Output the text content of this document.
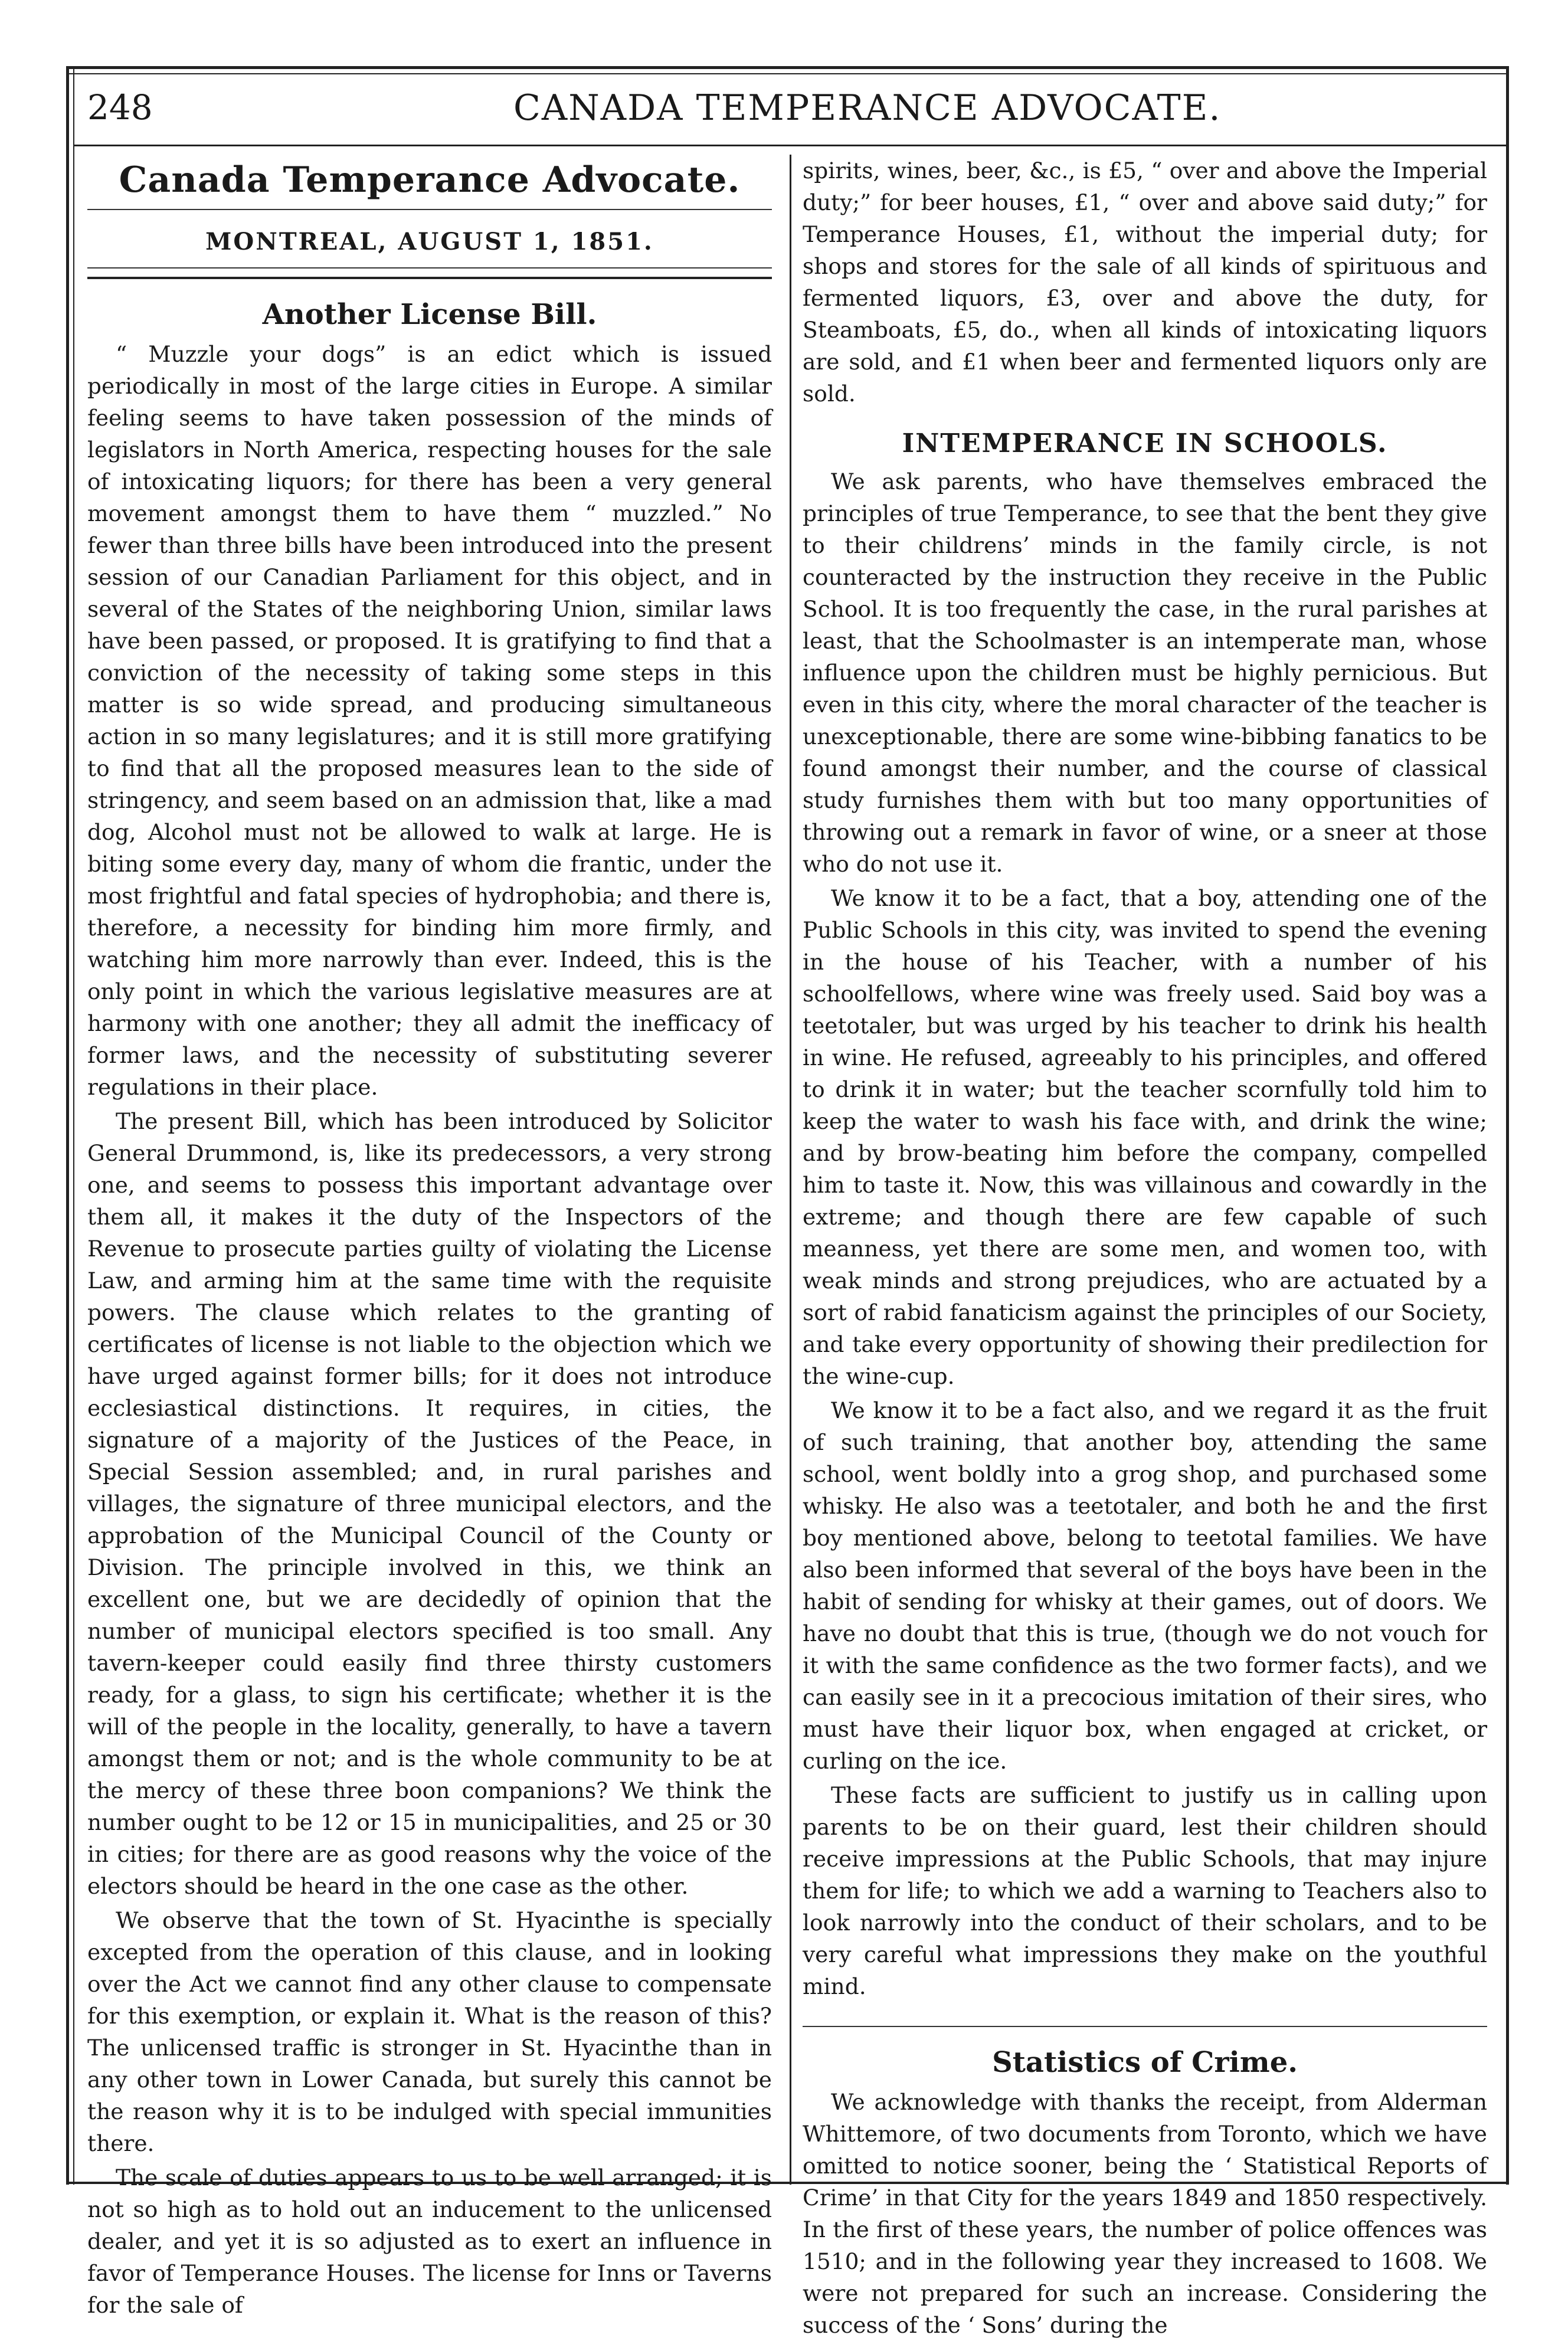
248	CANADA TEMPERANCE ADVOCATE.
Canada Temperance Advocate.
MONTREAL, AUGUST 1, 1851.
Another License Bill.

“ Muzzle your dogs” is an edict which is issued periodically in most of the large cities in Europe. A similar feeling seems to have taken possession of the minds of legislators in North America, respecting houses for the sale of intoxicating liquors; for there has been a very general movement amongst them to have them “ muzzled.” No fewer than three bills have been introduced into the present session of our Canadian Parliament for this object, and in several of the States of the neighboring Union, similar laws have been passed, or proposed. It is gratifying to find that a conviction of the necessity of taking some steps in this matter is so wide spread, and producing simultaneous action in so many legislatures; and it is still more gratifying to find that all the proposed measures lean to the side of stringency, and seem based on an admission that, like a mad dog, Alcohol must not be allowed to walk at large. He is biting some every day, many of whom die frantic, under the most frightful and fatal species of hydrophobia; and there is, therefore, a necessity for binding him more firmly, and watching him more narrowly than ever. Indeed, this is the only point in which the various legislative measures are at harmony with one another; they all admit the inefficacy of former laws, and the necessity of substituting severer regulations in their place.

The present Bill, which has been introduced by Solicitor General Drummond, is, like its predecessors, a very strong one, and seems to possess this important advantage over them all, it makes it the duty of the Inspectors of the Revenue to prosecute parties guilty of violating the License Law, and arming him at the same time with the requisite powers. The clause which relates to the granting of certificates of license is not liable to the objection which we have urged against former bills; for it does not introduce ecclesiastical distinctions. It requires, in cities, the signature of a majority of the Justices of the Peace, in Special Session assembled; and, in rural parishes and villages, the signature of three municipal electors, and the approbation of the Municipal Council of the County or Division. The principle involved in this, we think an excellent one, but we are decidedly of opinion that the number of municipal electors specified is too small. Any tavern-keeper could easily find three thirsty customers ready, for a glass, to sign his certificate; whether it is the will of the people in the locality, generally, to have a tavern amongst them or not; and is the whole community to be at the mercy of these three boon companions? We think the number ought to be 12 or 15 in municipalities, and 25 or 30 in cities; for there are as good reasons why the voice of the electors should be heard in the one case as the other.

We observe that the town of St. Hyacinthe is specially excepted from the operation of this clause, and in looking over the Act we cannot find any other clause to compensate for this exemption, or explain it. What is the reason of this? The unlicensed traffic is stronger in St. Hyacinthe than in any other town in Lower Canada, but surely this cannot be the reason why it is to be indulged with special immunities there.

The scale of duties appears to us to be well arranged; it is not so high as to hold out an inducement to the unlicensed dealer, and yet it is so adjusted as to exert an influence in favor of Temperance Houses. The license for Inns or Taverns for the sale of

spirits, wines, beer, &c., is £5, “ over and above the Imperial duty;” for beer houses, £1, “ over and above said duty;” for Temperance Houses, £1, without the imperial duty; for shops and stores for the sale of all kinds of spirituous and fermented liquors, £3, over and above the duty, for Steamboats, £5, do., when all kinds of intoxicating liquors are sold, and £1 when beer and fermented liquors only are sold.

INTEMPERANCE IN SCHOOLS.

We ask parents, who have themselves embraced the principles of true Temperance, to see that the bent they give to their childrens’ minds in the family circle, is not counteracted by the instruction they receive in the Public School. It is too frequently the case, in the rural parishes at least, that the Schoolmaster is an intemperate man, whose influence upon the children must be highly pernicious. But even in this city, where the moral character of the teacher is unexceptionable, there are some wine-bibbing fanatics to be found amongst their number, and the course of classical study furnishes them with but too many opportunities of throwing out a remark in favor of wine, or a sneer at those who do not use it.

We know it to be a fact, that a boy, attending one of the Public Schools in this city, was invited to spend the evening in the house of his Teacher, with a number of his schoolfellows, where wine was freely used. Said boy was a teetotaler, but was urged by his teacher to drink his health in wine. He refused, agreeably to his principles, and offered to drink it in water; but the teacher scornfully told him to keep the water to wash his face with, and drink the wine; and by brow-beating him before the company, compelled him to taste it. Now, this was villainous and cowardly in the extreme; and though there are few capable of such meanness, yet there are some men, and women too, with weak minds and strong prejudices, who are actuated by a sort of rabid fanaticism against the principles of our Society, and take every opportunity of showing their predilection for the wine-cup.

We know it to be a fact also, and we regard it as the fruit of such training, that another boy, attending the same school, went boldly into a grog shop, and purchased some whisky. He also was a teetotaler, and both he and the first boy mentioned above, belong to teetotal families. We have also been informed that several of the boys have been in the habit of sending for whisky at their games, out of doors. We have no doubt that this is true, (though we do not vouch for it with the same confidence as the two former facts), and we can easily see in it a precocious imitation of their sires, who must have their liquor box, when engaged at cricket, or curling on the ice.

These facts are sufficient to justify us in calling upon parents to be on their guard, lest their children should receive impressions at the Public Schools, that may injure them for life; to which we add a warning to Teachers also to look narrowly into the conduct of their scholars, and to be very careful what impressions they make on the youthful mind.

Statistics of Crime.

We acknowledge with thanks the receipt, from Alderman Whittemore, of two documents from Toronto, which we have omitted to notice sooner, being the ‘ Statistical Reports of Crime’ in that City for the years 1849 and 1850 respectively. In the first of these years, the number of police offences was 1510; and in the following year they increased to 1608. We were not prepared for such an increase. Considering the success of the ‘ Sons’ during the
